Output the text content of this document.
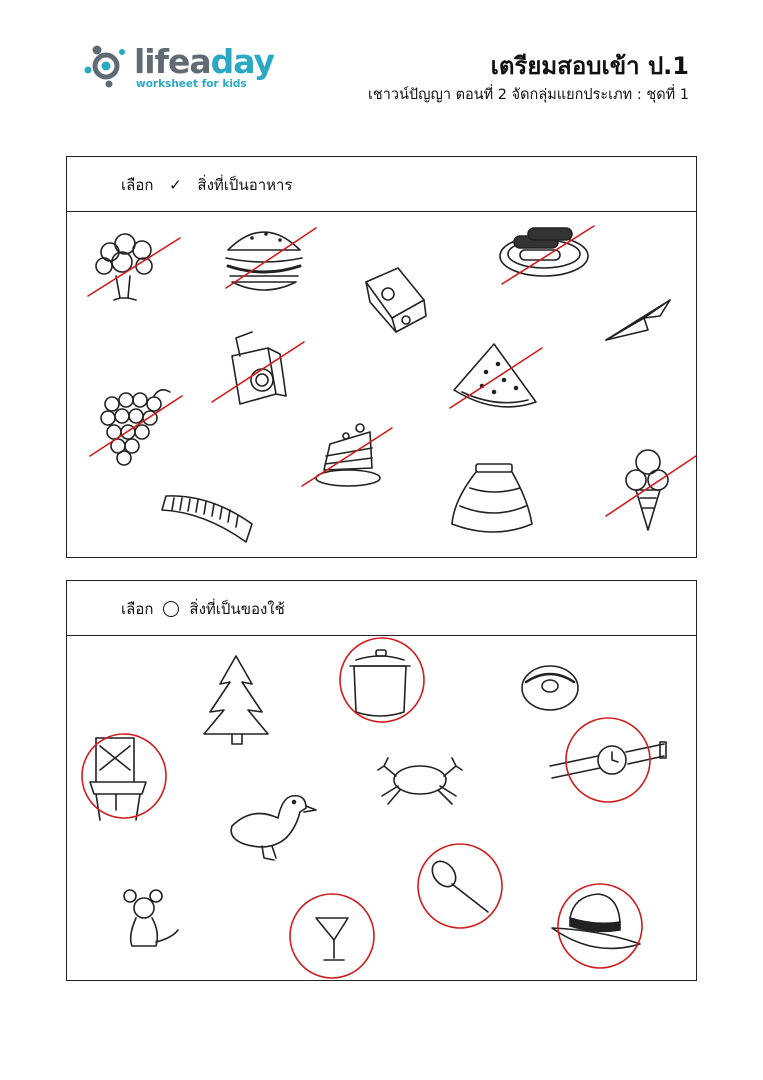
lifeaday
worksheet for kids
เตรียมสอบเข้า ป.1
เชาวน์ปัญญา ตอนที่ 2 จัดกลุ่มแยกประเภท : ชุดที่ 1
เลือก	✓	สิ่งที่เป็นอาหาร
เลือก ○ สิ่งที่เป็นของใช้
